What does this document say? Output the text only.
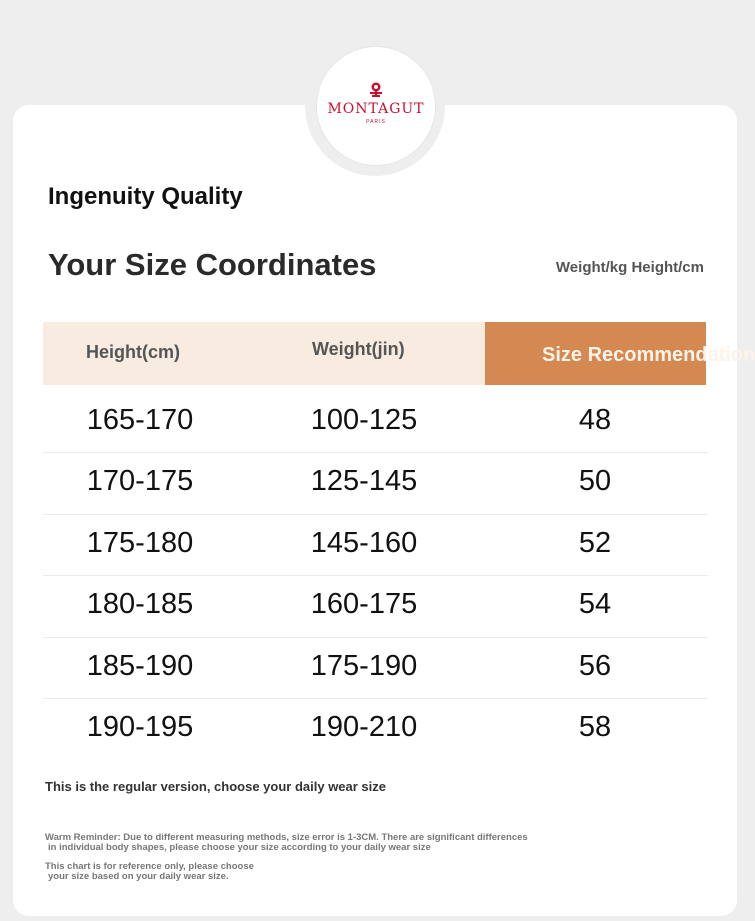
MONTAGUT
PARIS
Ingenuity Quality
Your Size Coordinates	Weight/kg Height/cm
Height(cm)	Weight(jin)	Size Recommendation
165-170	100-125	48
170-175	125-145	50
175-180	145-160	52
180-185	160-175	54
185-190	175-190	56
190-195	190-210	58
This is the regular version, choose your daily wear size
Warm Reminder: Due to different measuring methods, size error is 1-3CM. There are significant differences
in individual body shapes, please choose your size according to your daily wear size
This chart is for reference only, please choose
your size based on your daily wear size.
